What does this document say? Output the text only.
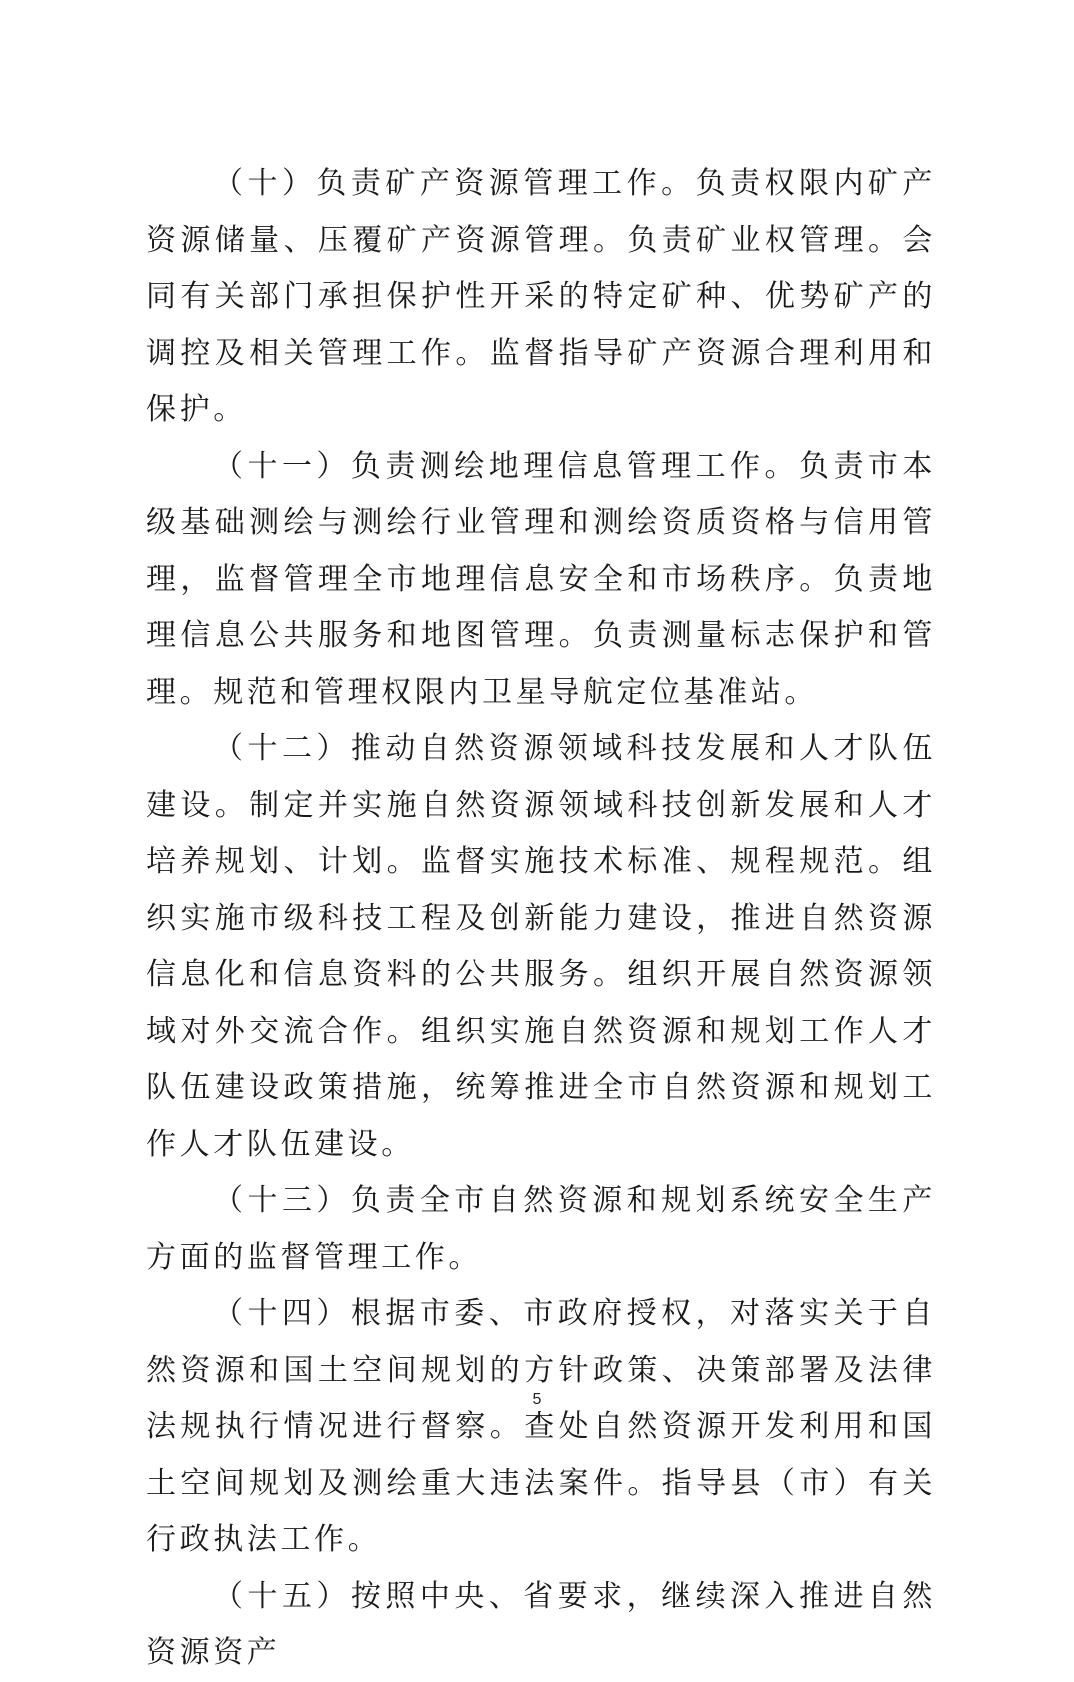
（十）负责矿产资源管理工作。负责权限内矿产资源储量、压覆矿产资源管理。负责矿业权管理。会同有关部门承担保护性开采的特定矿种、优势矿产的调控及相关管理工作。监督指导矿产资源合理利用和保护。

（十一）负责测绘地理信息管理工作。负责市本级基础测绘与测绘行业管理和测绘资质资格与信用管理，监督管理全市地理信息安全和市场秩序。负责地理信息公共服务和地图管理。负责测量标志保护和管理。规范和管理权限内卫星导航定位基准站。

（十二）推动自然资源领域科技发展和人才队伍建设。制定并实施自然资源领域科技创新发展和人才培养规划、计划。监督实施技术标准、规程规范。组织实施市级科技工程及创新能力建设，推进自然资源信息化和信息资料的公共服务。组织开展自然资源领域对外交流合作。组织实施自然资源和规划工作人才队伍建设政策措施，统筹推进全市自然资源和规划工作人才队伍建设。

（十三）负责全市自然资源和规划系统安全生产方面的监督管理工作。

（十四）根据市委、市政府授权，对落实关于自然资源和国土空间规划的方针政策、决策部署及法律法规执行情况进行督察。查处自然资源开发利用和国土空间规划及测绘重大违法案件。指导县（市）有关行政执法工作。

（十五）按照中央、省要求，继续深入推进自然资源资产

5
